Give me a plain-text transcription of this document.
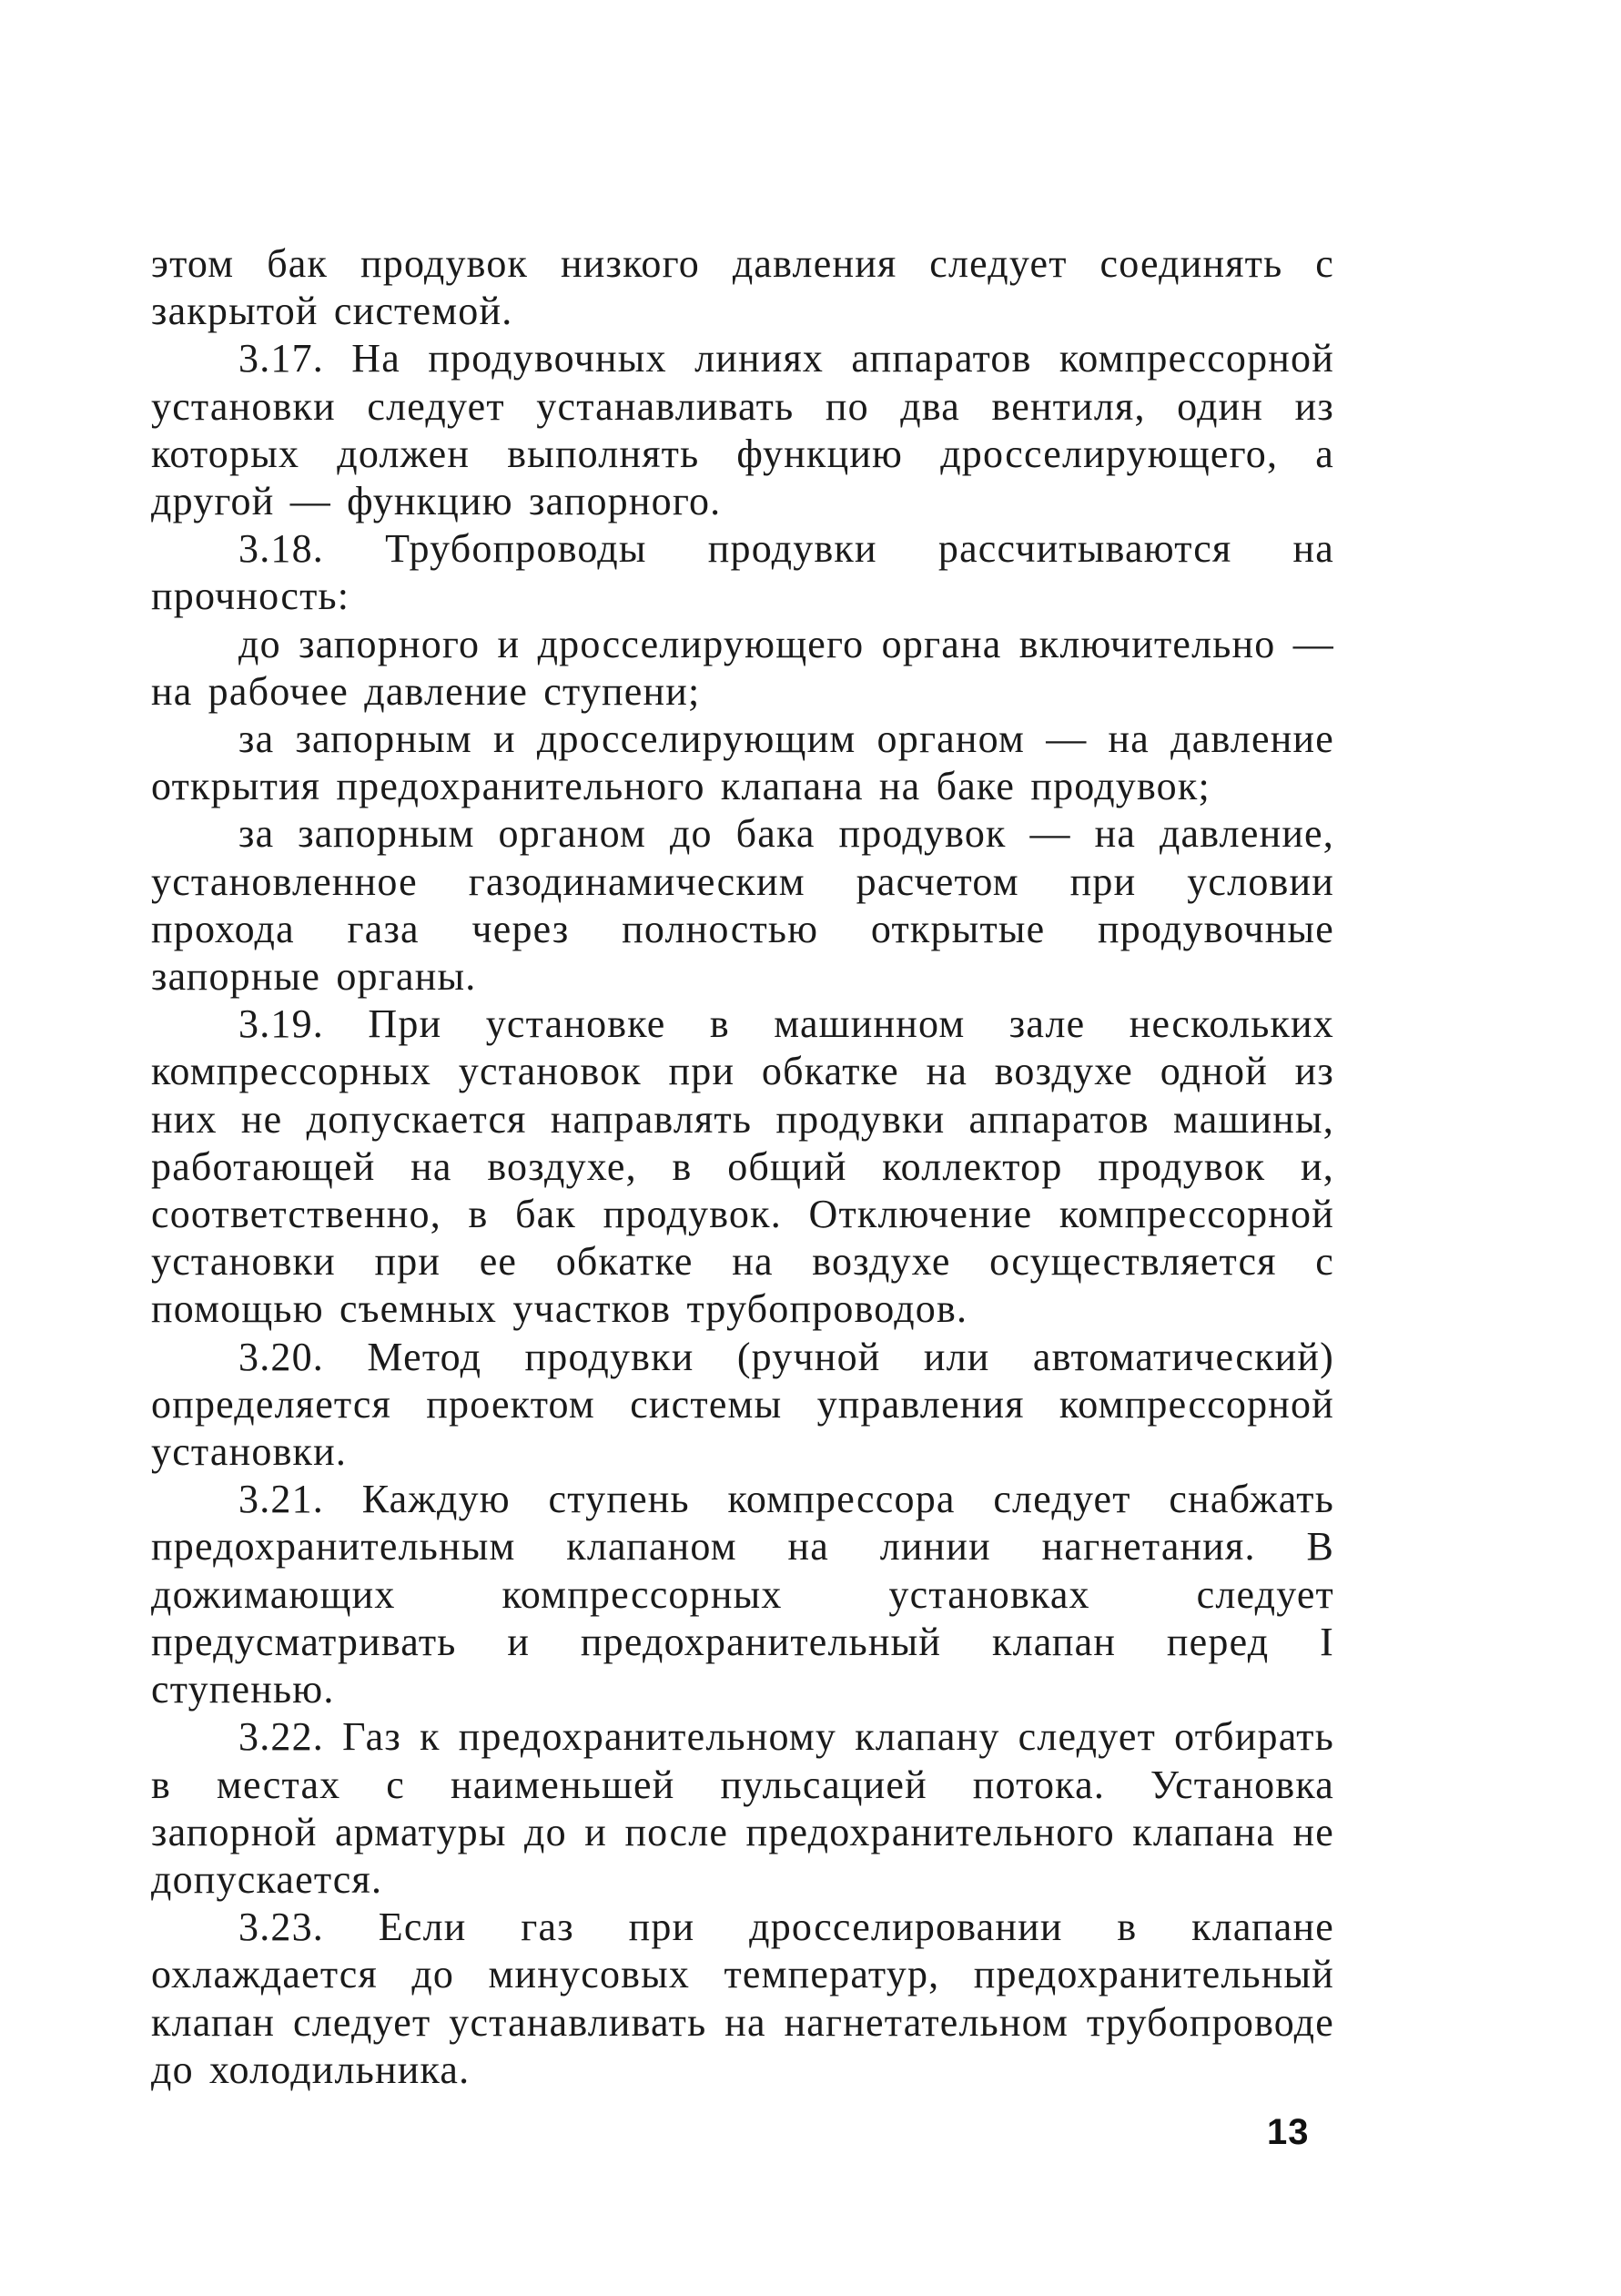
этом бак продувок низкого давления следует соединять с закрытой системой.

3.17. На продувочных линиях аппаратов компрессорной установки следует устанавливать по два вентиля, один из которых должен выполнять функцию дросселирующего, а другой — функцию запорного.

3.18. Трубопроводы продувки рассчитываются на прочность:

до запорного и дросселирующего органа включительно — на рабочее давление ступени;

за запорным и дросселирующим органом — на давление открытия предохранительного клапана на баке продувок;

за запорным органом до бака продувок — на давление, установленное газодинамическим расчетом при условии прохода газа через полностью открытые продувочные запорные органы.

3.19. При установке в машинном зале нескольких компрессорных установок при обкатке на воздухе одной из них не допускается направлять продувки аппаратов машины, работающей на воздухе, в общий коллектор продувок и, соответственно, в бак продувок. Отключение компрессорной установки при ее обкатке на воздухе осуществляется с помощью съемных участков трубопроводов.

3.20. Метод продувки (ручной или автоматический) определяется проектом системы управления компрессорной установки.

3.21. Каждую ступень компрессора следует снабжать предохранительным клапаном на линии нагнетания. В дожимающих компрессорных установках следует предусматривать и предохранительный клапан перед I ступенью.

3.22. Газ к предохранительному клапану следует отбирать в местах с наименьшей пульсацией потока. Установка запорной арматуры до и после предохранительного клапана не допускается.

3.23. Если газ при дросселировании в клапане охлаждается до минусовых температур, предохранительный клапан следует устанавливать на нагнетательном трубопроводе до холодильника.

13
